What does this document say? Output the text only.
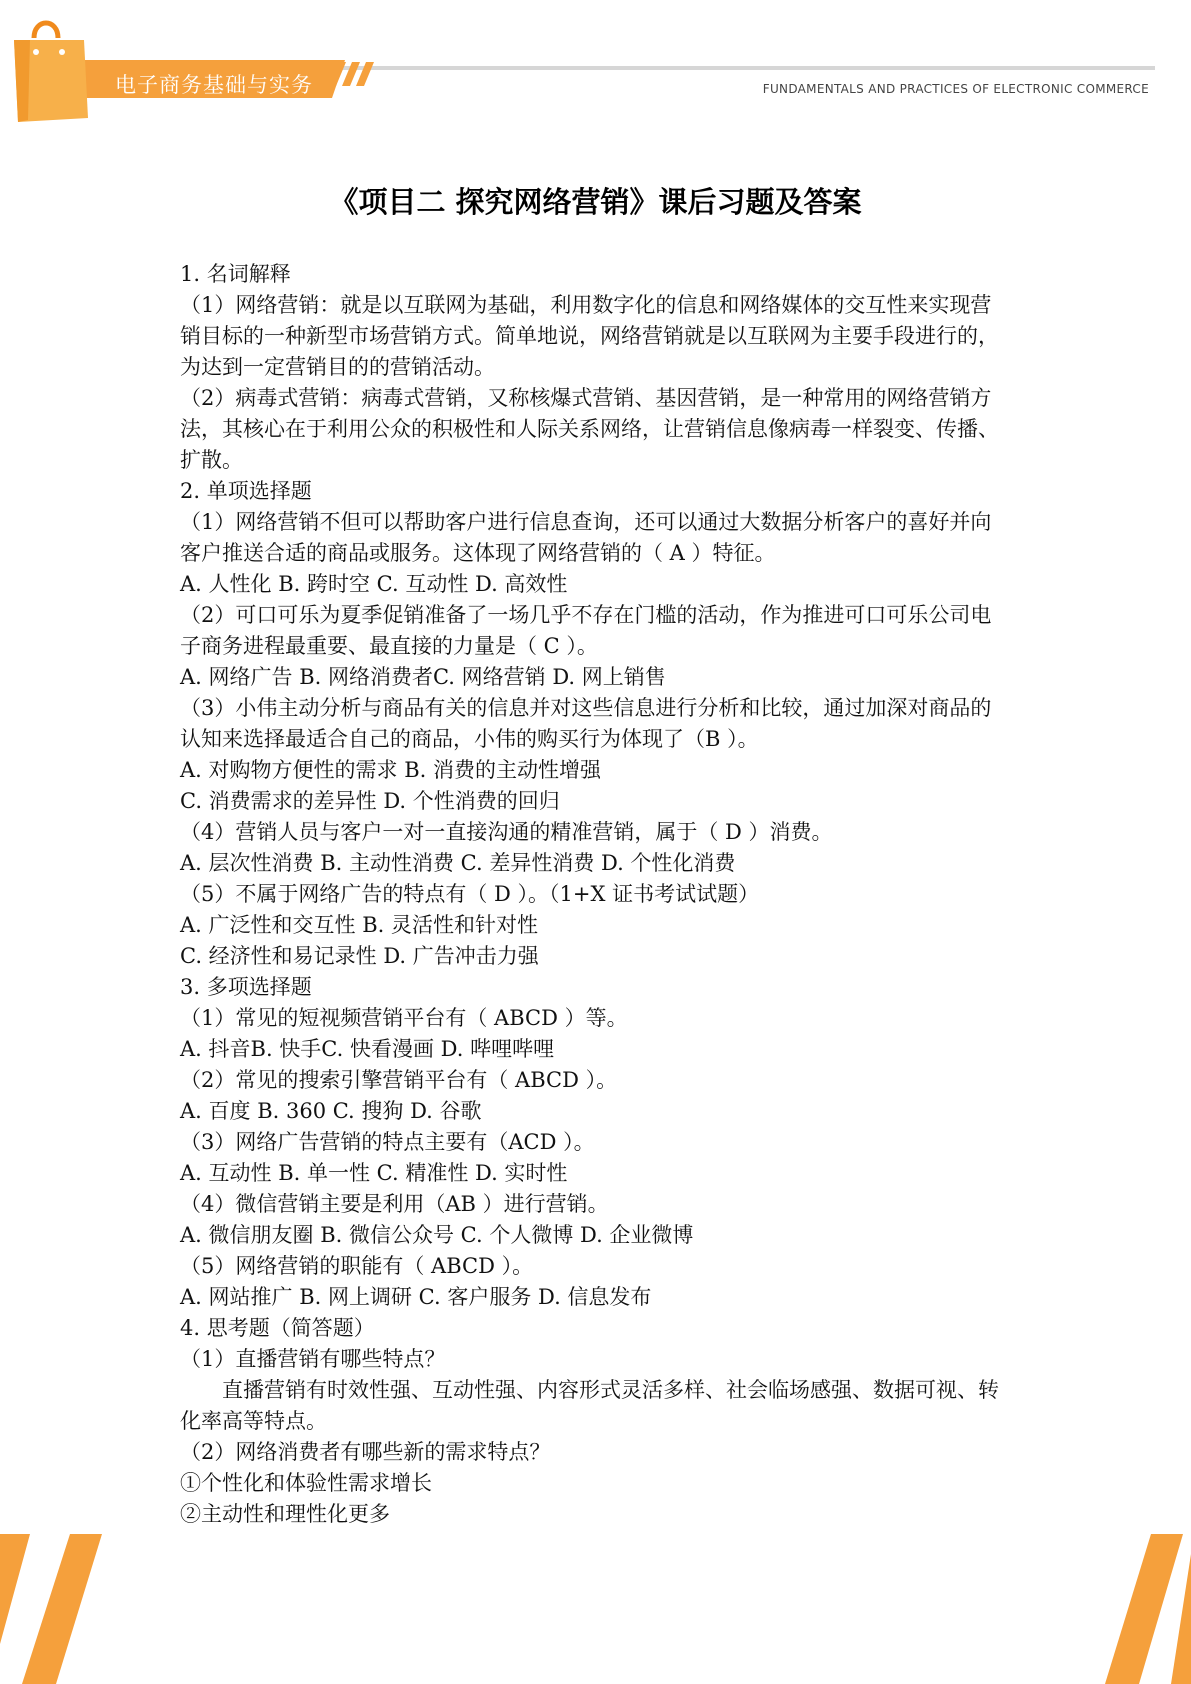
电子商务基础与实务	FUNDAMENTALS AND PRACTICES OF ELECTRONIC COMMERCE
《项目二 探究网络营销》课后习题及答案

1. 名词解释

（1）网络营销：就是以互联网为基础，利用数字化的信息和网络媒体的交互性来实现营销目标的一种新型市场营销方式。简单地说，网络营销就是以互联网为主要手段进行的，为达到一定营销目的的营销活动。

（2）病毒式营销：病毒式营销，又称核爆式营销、基因营销，是一种常用的网络营销方法，其核心在于利用公众的积极性和人际关系网络，让营销信息像病毒一样裂变、传播、扩散。

2. 单项选择题

（1）网络营销不但可以帮助客户进行信息查询，还可以通过大数据分析客户的喜好并向客户推送合适的商品或服务。这体现了网络营销的（ A ）特征。

A. 人性化 B. 跨时空 C. 互动性 D. 高效性

（2）可口可乐为夏季促销准备了一场几乎不存在门槛的活动，作为推进可口可乐公司电子商务进程最重要、最直接的力量是（ C ）。

A. 网络广告 B. 网络消费者C. 网络营销 D. 网上销售

（3）小伟主动分析与商品有关的信息并对这些信息进行分析和比较，通过加深对商品的认知来选择最适合自己的商品，小伟的购买行为体现了（B ）。

A. 对购物方便性的需求 B. 消费的主动性增强

C. 消费需求的差异性 D. 个性消费的回归

（4）营销人员与客户一对一直接沟通的精准营销，属于（ D ）消费。

A. 层次性消费 B. 主动性消费 C. 差异性消费 D. 个性化消费

（5）不属于网络广告的特点有（ D ）。（1+X 证书考试试题）

A. 广泛性和交互性 B. 灵活性和针对性

C. 经济性和易记录性 D. 广告冲击力强

3. 多项选择题

（1）常见的短视频营销平台有（ ABCD ）等。

A. 抖音B. 快手C. 快看漫画 D. 哔哩哔哩

（2）常见的搜索引擎营销平台有（ ABCD ）。

A. 百度 B. 360 C. 搜狗 D. 谷歌

（3）网络广告营销的特点主要有（ACD ）。

A. 互动性 B. 单一性 C. 精准性 D. 实时性

（4）微信营销主要是利用（AB ）进行营销。

A. 微信朋友圈 B. 微信公众号 C. 个人微博 D. 企业微博

（5）网络营销的职能有（ ABCD ）。

A. 网站推广 B. 网上调研 C. 客户服务 D. 信息发布

4. 思考题（简答题）

（1）直播营销有哪些特点？

直播营销有时效性强、互动性强、内容形式灵活多样、社会临场感强、数据可视、转化率高等特点。

（2）网络消费者有哪些新的需求特点？

①个性化和体验性需求增长

②主动性和理性化更多
